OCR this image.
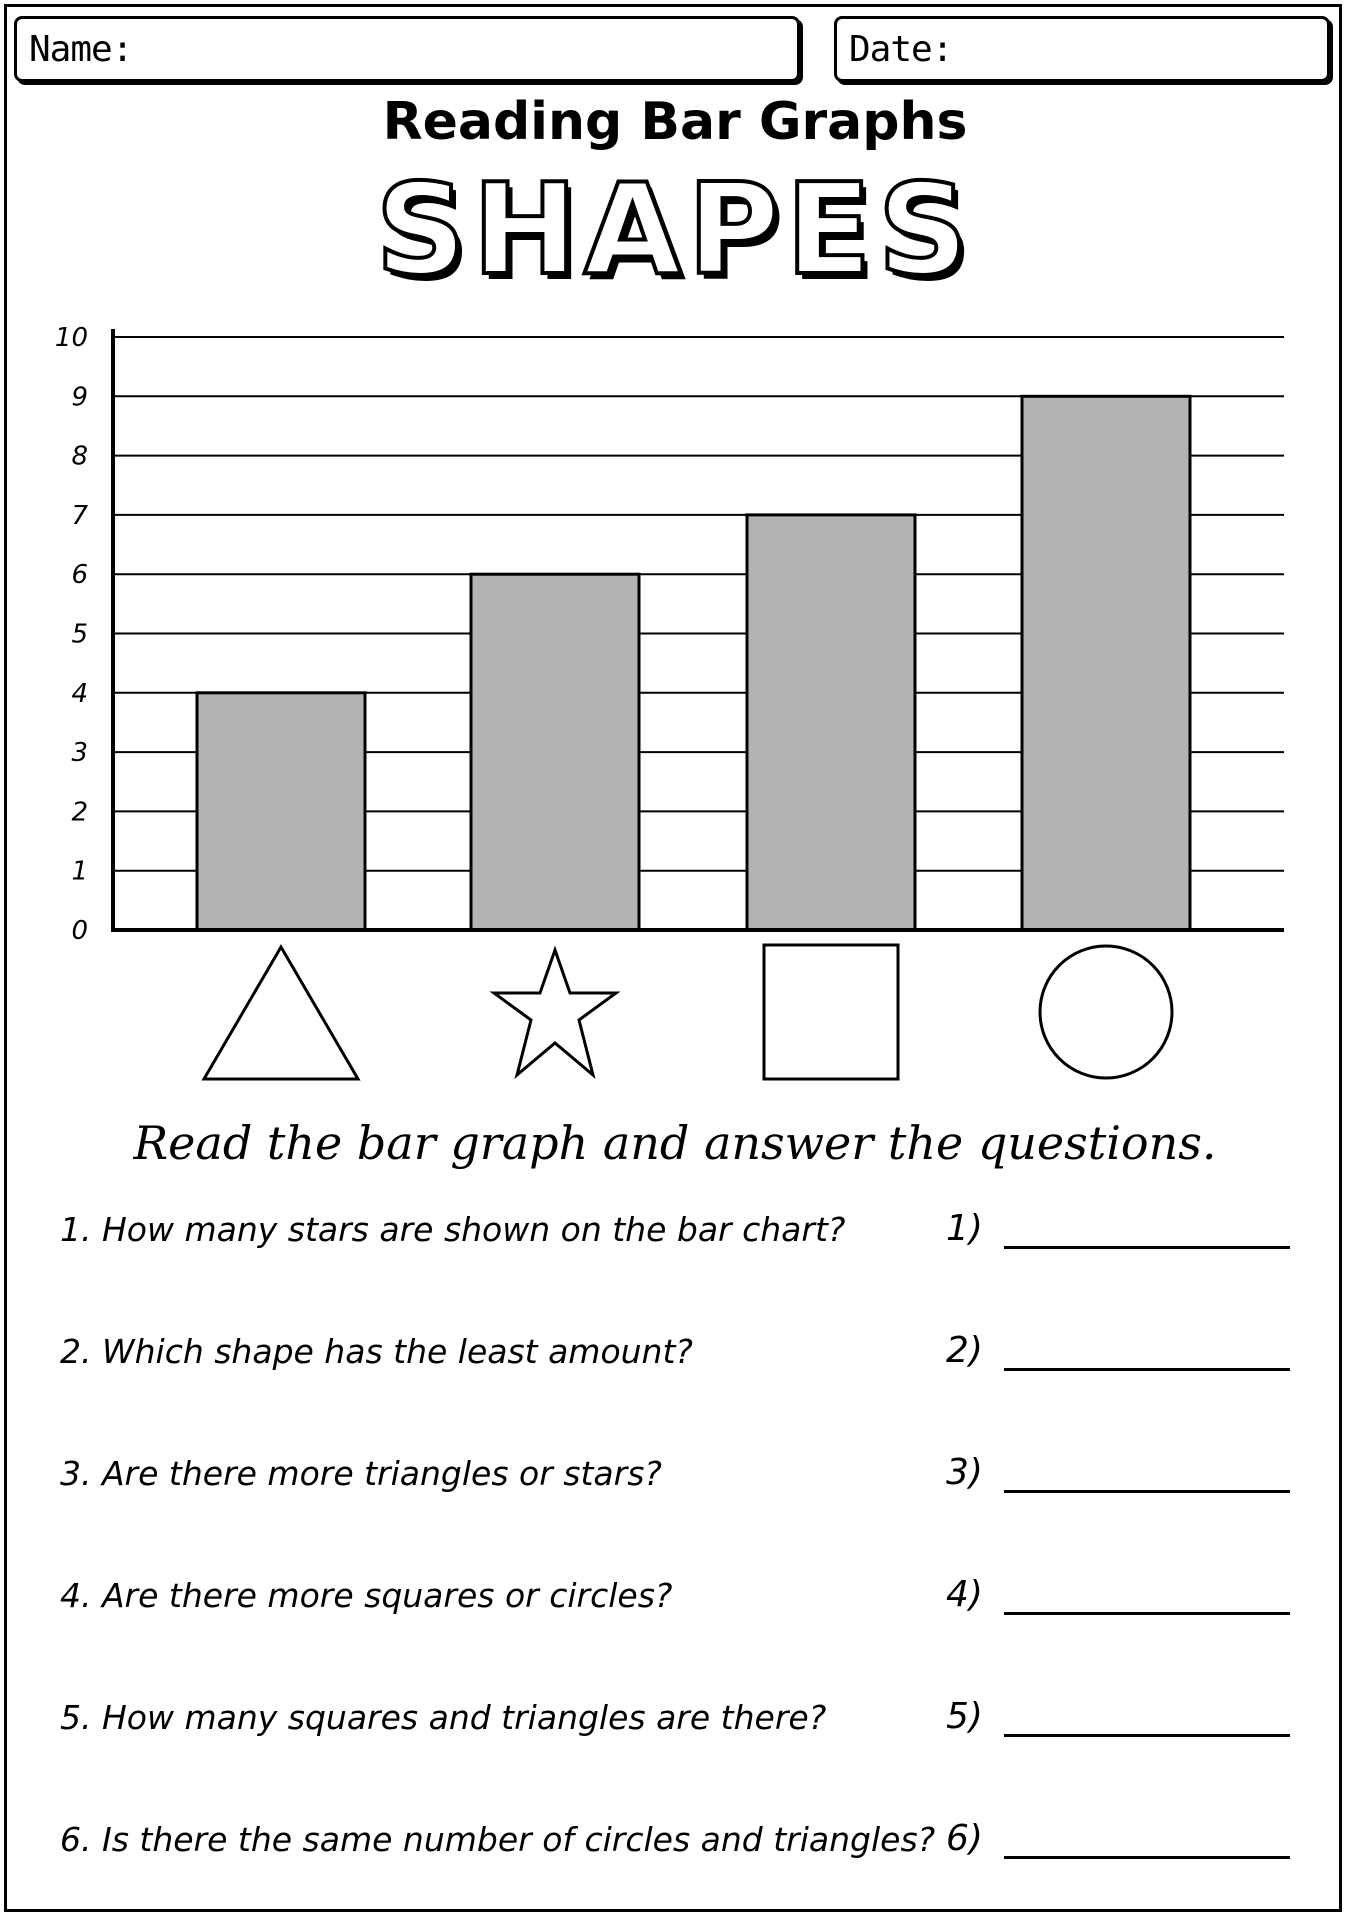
Name:	Date:
Reading Bar Graphs
SHAPES
0
1
2
3
4
5
6
7
8
9
10
Read the bar graph and answer the questions.
1. How many stars are shown on the bar chart?	1)
2. Which shape has the least amount?	2)
3. Are there more triangles or stars?	3)
4. Are there more squares or circles?	4)
5. How many squares and triangles are there?	5)
6. Is there the same number of circles and triangles? 6)
